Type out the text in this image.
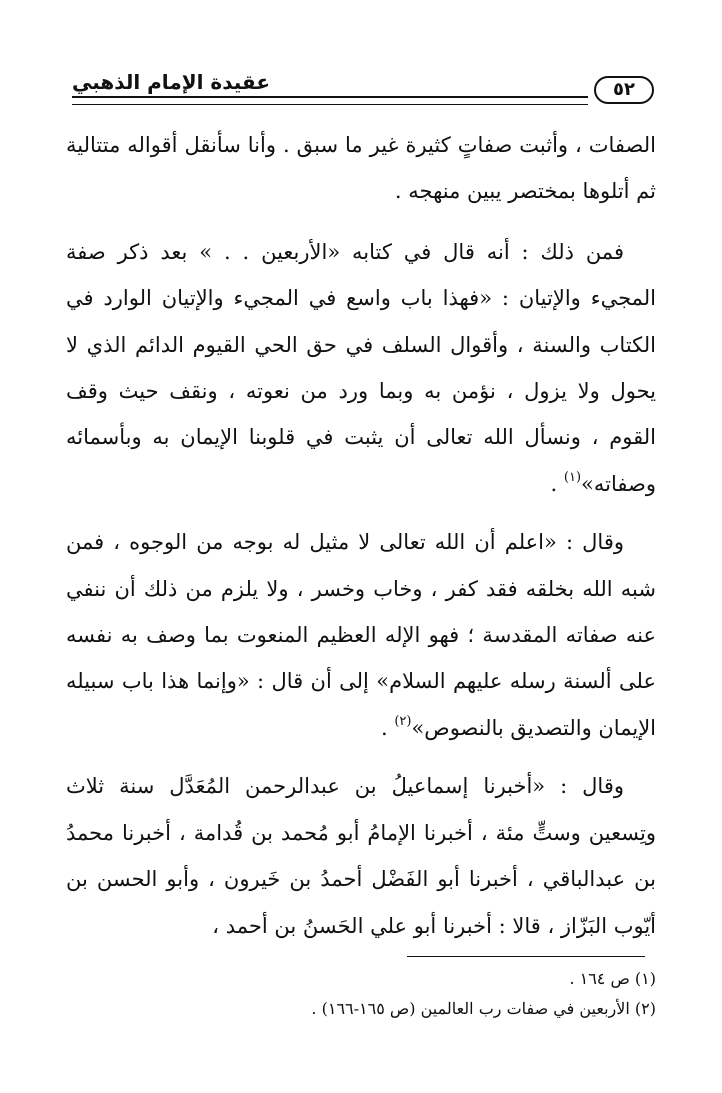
٥٢
عقيدة الإمام الذهبي

الصفات ، وأثبت صفاتٍ كثيرة غير ما سبق . وأنا سأنقل أقواله متتالية ثم أتلوها بمختصر يبين منهجه .

فمن ذلك : أنه قال في كتابه «الأربعين . . » بعد ذكر صفة المجيء والإتيان : «فهذا باب واسع في المجيء والإتيان الوارد في الكتاب والسنة ، وأقوال السلف في حق الحي القيوم الدائم الذي لا يحول ولا يزول ، نؤمن به وبما ورد من نعوته ، ونقف حيث وقف القوم ، ونسأل الله تعالى أن يثبت في قلوبنا الإيمان به وبأسمائه وصفاته»$^{(١)}$ .

وقال : «اعلم أن الله تعالى لا مثيل له بوجه من الوجوه ، فمن شبه الله بخلقه فقد كفر ، وخاب وخسر ، ولا يلزم من ذلك أن ننفي عنه صفاته المقدسة ؛ فهو الإله العظيم المنعوت بما وصف به نفسه على ألسنة رسله عليهم السلام» إلى أن قال : «وإنما هذا باب سبيله الإيمان والتصديق بالنصوص»$^{(٢)}$ .

وقال : «أخبرنا إسماعيلُ بن عبدالرحمن المُعَدَّل سنة ثلاث وتِسعين وستٍّ مئة ، أخبرنا الإمامُ أبو مُحمد بن قُدامة ، أخبرنا محمدُ بن عبدالباقي ، أخبرنا أبو الفَضْل أحمدُ بن خَيرون ، وأبو الحسن بن أيّوب البَزّاز ، قالا : أخبرنا أبو علي الحَسنُ بن أحمد ،

(١) ص ١٦٤ .

(٢) الأربعين في صفات رب العالمين (ص ١٦٥-١٦٦) .
